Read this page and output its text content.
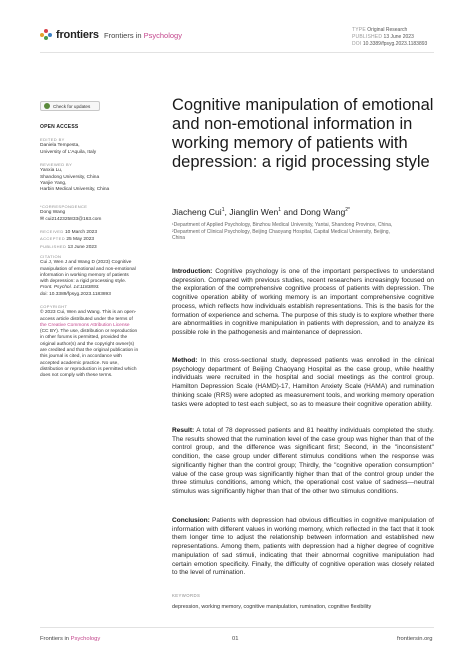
frontiers Frontiers in Psychology
TYPE Original Research
PUBLISHED 13 June 2023
DOI 10.3389/fpsyg.2023.1183893
Check for updates
OPEN ACCESS
EDITED BY
Daniela Tempesta,
University of L'Aquila, Italy
REVIEWED BY
Yanxia Lu,
Shandong University, China
Yanjie Yang,
Harbin Medical University, China
*CORRESPONDENCE
Dong Wang
✉ cui2142325833@163.com
RECEIVED 10 March 2023
ACCEPTED 25 May 2023
PUBLISHED 13 June 2023
CITATION
Cui J, Wen J and Wang D (2023) Cognitive
manipulation of emotional and non-emotional
information in working memory of patients
with depression: a rigid processing style.
Front. Psychol. 14:1183893.
doi: 10.3389/fpsyg.2023.1183893
COPYRIGHT
© 2023 Cui, Wen and Wang. This is an open-
access article distributed under the terms of
the Creative Commons Attribution License
(CC BY). The use, distribution or reproduction
in other forums is permitted, provided the
original author(s) and the copyright owner(s)
are credited and that the original publication in
this journal is cited, in accordance with
accepted academic practice. No use,
distribution or reproduction is permitted which
does not comply with these terms.
Cognitive manipulation of emotional and non-emotional information in working memory of patients with depression: a rigid processing style
Jiacheng Cui$^1$, Jianglin Wen$^1$ and Dong Wang$^{2*}$
¹Department of Applied Psychology, Binzhou Medical University, Yantai, Shandong Province, China,
²Department of Clinical Psychology, Beijing Chaoyang Hospital, Capital Medical University, Beijing,
China
Introduction: Cognitive psychology is one of the important perspectives to understand depression. Compared with previous studies, recent researchers increasingly focused on the exploration of the comprehensive cognitive process of patients with depression. The cognitive operation ability of working memory is an important comprehensive cognitive process, which reflects how individuals establish representations. This is the basis for the formation of experience and schema. The purpose of this study is to explore whether there are abnormalities in cognitive manipulation in patients with depression, and to analyze its possible role in the pathogenesis and maintenance of depression.
Method: In this cross-sectional study, depressed patients was enrolled in the clinical psychology department of Beijing Chaoyang Hospital as the case group, while healthy individuals were recruited in the hospital and social meetings as the control group. Hamilton Depression Scale (HAMD)-17, Hamilton Anxiety Scale (HAMA) and rumination thinking scale (RRS) were adopted as measurement tools, and working memory operation tasks were adopted to test each subject, so as to measure their cognitive operation ability.
Result: A total of 78 depressed patients and 81 healthy individuals completed the study. The results showed that the rumination level of the case group was higher than that of the control group, and the difference was significant first; Second, in the "inconsistent" condition, the case group under different stimulus conditions when the response was significantly higher than the control group; Thirdly, the "cognitive operation consumption" value of the case group was significantly higher than that of the control group under the three stimulus conditions, among which, the operational cost value of sadness—neutral stimulus was significantly higher than that of the other two stimulus conditions.
Conclusion: Patients with depression had obvious difficulties in cognitive manipulation of information with different values in working memory, which reflected in the fact that it took them longer time to adjust the relationship between information and established new representations. Among them, patients with depression had a higher degree of cognitive manipulation of sad stimuli, indicating that their abnormal cognitive manipulation had certain emotion specificity. Finally, the difficulty of cognitive operation was closely related to the level of rumination.
KEYWORDS
depression, working memory, cognitive manipulation, rumination, cognitive flexibility
Frontiers in Psychology	01	frontiersin.org
